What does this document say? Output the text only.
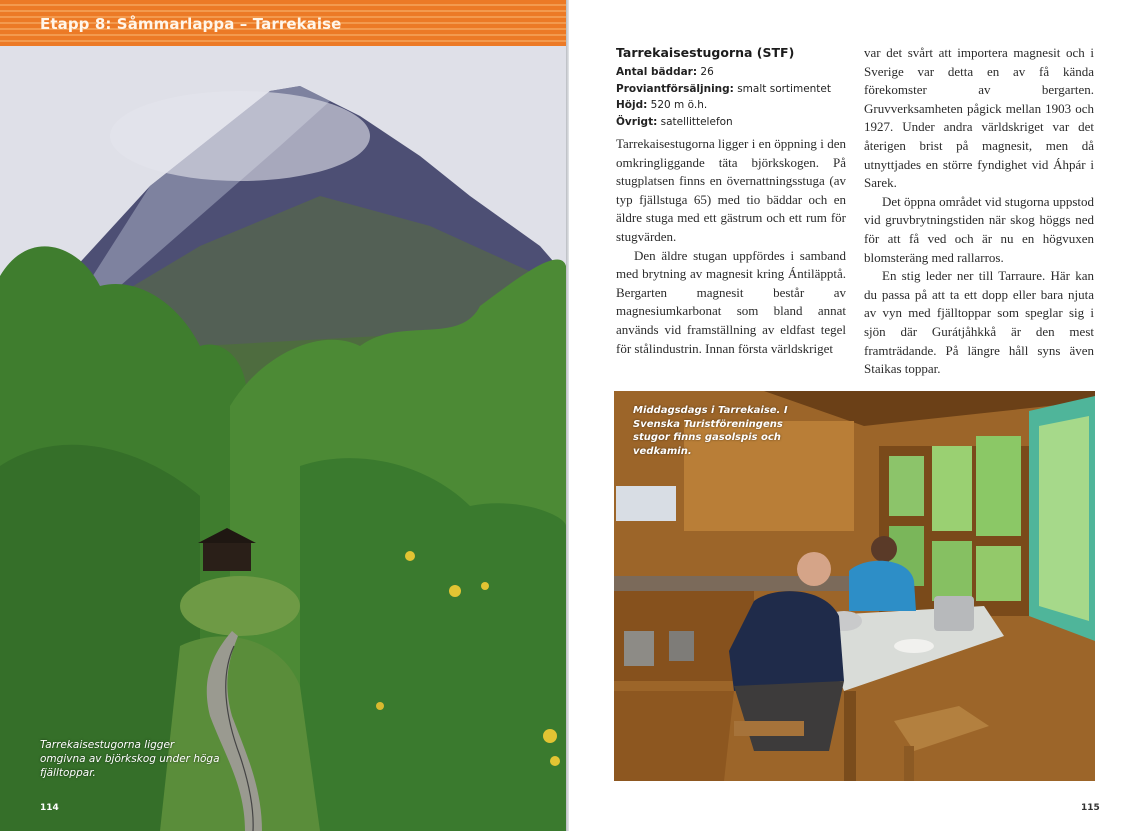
Etapp 8: Såmmarlappa – Tarrekaise
Tarrekaisestugorna ligger omgivna av björkskog under höga fjälltoppar.
114
Tarrekaisestugorna (STF)
Antal bäddar: 26
Proviantförsäljning: smalt sortimentet
Höjd: 520 m ö.h.
Övrigt: satellittelefon

Tarrekaisestugorna ligger i en öppning i den omkringliggande täta björkskogen. På stugplatsen finns en övernattningsstuga (av typ fjällstuga 65) med tio bäddar och en äldre stuga med ett gästrum och ett rum för stugvärden.

Den äldre stugan uppfördes i samband med brytning av magnesit kring Ántiläpptå. Bergarten magnesit består av magnesiumkarbonat som bland annat används vid framställning av eldfast tegel för stålindustrin. Innan första världskriget

var det svårt att importera magnesit och i Sverige var detta en av få kända förekomster av bergarten. Gruvverksamheten pågick mellan 1903 och 1927. Under andra världskriget var det återigen brist på magnesit, men då utnyttjades en större fyndighet vid Áhpár i Sarek.

Det öppna området vid stugorna uppstod vid gruvbrytningstiden när skog höggs ned för att få ved och är nu en högvuxen blomsteräng med rallarros.

En stig leder ner till Tarraure. Här kan du passa på att ta ett dopp eller bara njuta av vyn med fjälltoppar som speglar sig i sjön där Gurátjåhkkå är den mest framträdande. På längre håll syns även Staikas toppar.

Middagsdags i Tarrekaise. I Svenska Turistföreningens stugor finns gasolspis och vedkamin.
115
